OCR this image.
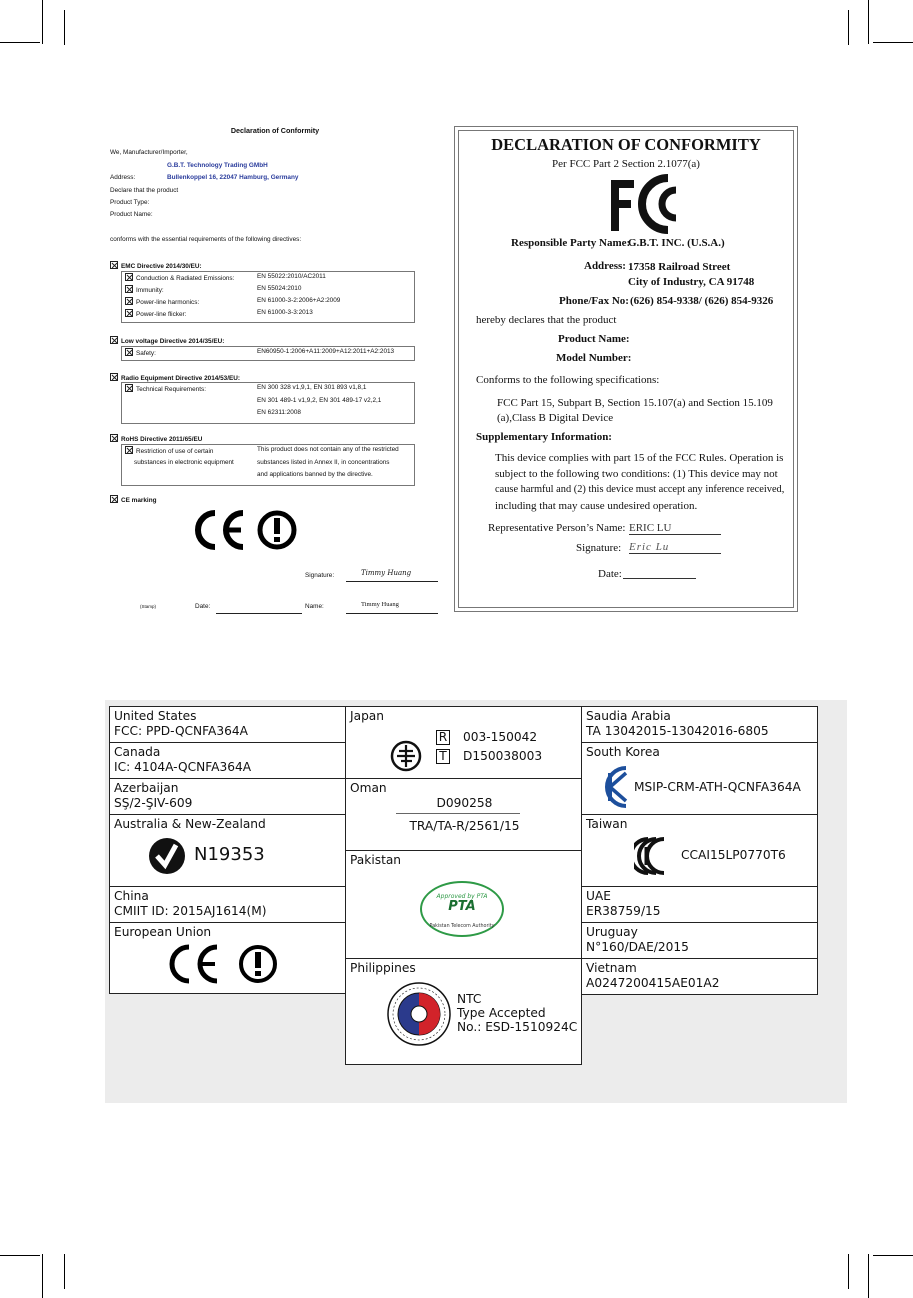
Declaration of Conformity
We, Manufacturer/Importer,
G.B.T. Technology Trading GMbH
Address:	Bullenkoppel 16, 22047 Hamburg, Germany
Declare that the product
Product Type:
Product Name:
conforms with the essential requirements of the following directives:
EMC Directive 2014/30/EU:
Conduction & Radiated Emissions:	EN 55022:2010/AC2011
Immunity:	EN 55024:2010
Power-line harmonics:	EN 61000-3-2:2006+A2:2009
Power-line flicker:	EN 61000-3-3:2013
Low voltage Directive 2014/35/EU:
Safety:	EN60950-1:2006+A11:2009+A12:2011+A2:2013
Radio Equipment Directive 2014/53/EU:
Technical Requirements:	EN 300 328 v1,9,1, EN 301 893 v1,8,1
EN 301 489-1 v1,9,2, EN 301 489-17 v2,2,1
EN 62311:2008
RoHS Directive 2011/65/EU
Restriction of use of certain
substances in electronic equipment
This product does not contain any of the restricted
substances listed in Annex II, in concentrations
and applications banned by the directive.
CE marking
Signature:	Timmy Huang
(Stamp)	Date:	Name:	Timmy Huang
DECLARATION OF CONFORMITY
Per FCC Part 2 Section 2.1077(a)
Responsible Party Name:
G.B.T. INC. (U.S.A.)
Address: 17358 Railroad Street
City of Industry, CA 91748
Phone/Fax No: (626) 854-9338/ (626) 854-9326
hereby declares that the product
Product Name:
Model Number:
Conforms to the following specifications:
FCC Part 15, Subpart B, Section 15.107(a) and Section 15.109
(a),Class B Digital Device
Supplementary Information:
This device complies with part 15 of the FCC Rules. Operation is
subject to the following two conditions: (1) This device may not
cause harmful and (2) this device must accept any inference received,
including that may cause undesired operation.
Representative Person’s Name: ERIC LU
Signature: Eric Lu
Date:
United States
FCC: PPD-QCNFA364A
Canada
IC: 4104A-QCNFA364A
Azerbaijan
SŞ/2-ŞIV-609
Australia & New-Zealand
N19353
China
CMIIT ID: 2015AJ1614(M)
European Union
Japan
R 003-150042
T D150038003
Oman
D090258
TRA/TA-R/2561/15
Pakistan
Approved by PTA
PTA
Pakistan Telecom Authority
Philippines
NTC
Type Accepted
No.: ESD-1510924C
Saudia Arabia
TA 13042015-13042016-6805
South Korea
MSIP-CRM-ATH-QCNFA364A
Taiwan
CCAI15LP0770T6
UAE
ER38759/15
Uruguay
N°160/DAE/2015
Vietnam
A0247200415AE01A2
